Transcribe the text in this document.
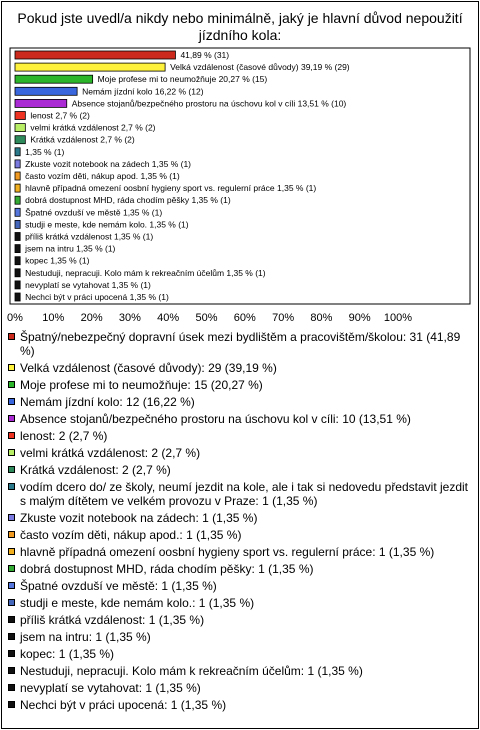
Pokud jste uvedl/a nikdy nebo minimálně, jaký je hlavní důvod nepoužití jízdního kola:
41,89 % (31)
Velká vzdálenost (časové důvody) 39,19 % (29)
Moje profese mi to neumožňuje 20,27 % (15)
Nemám jízdní kolo 16,22 % (12)
Absence stojanů/bezpečného prostoru na úschovu kol v cíli 13,51 % (10)
lenost 2,7 % (2)
velmi krátká vzdálenost 2,7 % (2)
Krátká vzdálenost 2,7 % (2)
1,35 % (1)
Zkuste vozit notebook na zádech 1,35 % (1)
často vozím děti, nákup apod. 1,35 % (1)
hlavně případná omezení oosbní hygieny sport vs. regulerní práce 1,35 % (1)
dobrá dostupnost MHD, ráda chodím pěšky 1,35 % (1)
Špatné ovzduší ve městě 1,35 % (1)
studji e meste, kde nemám kolo. 1,35 % (1)
příliš krátká vzdálenost 1,35 % (1)
jsem na intru 1,35 % (1)
kopec 1,35 % (1)
Nestuduji, nepracuji. Kolo mám k rekreačním účelům 1,35 % (1)
nevyplatí se vytahovat 1,35 % (1)
Nechci být v práci upocená 1,35 % (1)
0% 10% 20% 30% 40% 50% 60% 70% 80% 90% 100%
Špatný/nebezpečný dopravní úsek mezi bydlištěm a pracovištěm/školou: 31 (41,89 %)
Velká vzdálenost (časové důvody): 29 (39,19 %)
Moje profese mi to neumožňuje: 15 (20,27 %)
Nemám jízdní kolo: 12 (16,22 %)
Absence stojanů/bezpečného prostoru na úschovu kol v cíli: 10 (13,51 %)
lenost: 2 (2,7 %)
velmi krátká vzdálenost: 2 (2,7 %)
Krátká vzdálenost: 2 (2,7 %)
vodím dcero do/ ze školy, neumí jezdit na kole, ale i tak si nedovedu představit jezdit s malým dítětem ve velkém provozu v Praze: 1 (1,35 %)
Zkuste vozit notebook na zádech: 1 (1,35 %)
často vozím děti, nákup apod.: 1 (1,35 %)
hlavně případná omezení oosbní hygieny sport vs. regulerní práce: 1 (1,35 %)
dobrá dostupnost MHD, ráda chodím pěšky: 1 (1,35 %)
Špatné ovzduší ve městě: 1 (1,35 %)
studji e meste, kde nemám kolo.: 1 (1,35 %)
příliš krátká vzdálenost: 1 (1,35 %)
jsem na intru: 1 (1,35 %)
kopec: 1 (1,35 %)
Nestuduji, nepracuji. Kolo mám k rekreačním účelům: 1 (1,35 %)
nevyplatí se vytahovat: 1 (1,35 %)
Nechci být v práci upocená: 1 (1,35 %)
